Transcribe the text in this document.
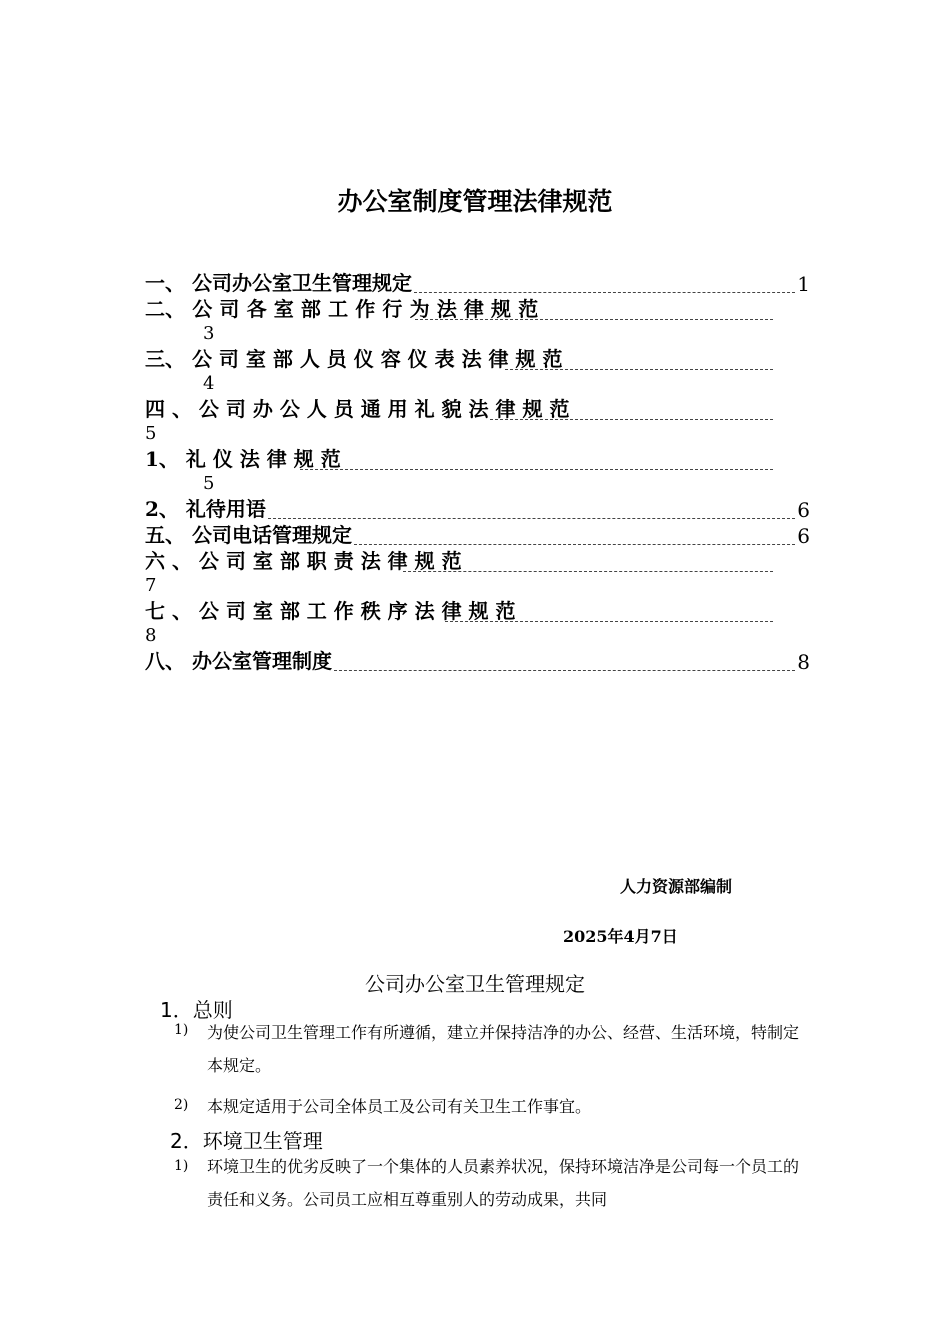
办公室制度管理法律规范
一、 公司办公室卫生管理规定	1
二、 公 司 各 室 部 工 作 行 为 法 律 规 范
3
三、 公 司 室 部 人 员 仪 容 仪 表 法 律 规 范
4
四 、 公 司 办 公 人 员 通 用 礼 貌 法 律 规 范
5
1、 礼 仪 法 律 规 范
5
2、 礼待用语	6
五、 公司电话管理规定	6
六 、 公 司 室 部 职 责 法 律 规 范
7
七 、 公 司 室 部 工 作 秩 序 法 律 规 范
8
八、 办公室管理制度	8
人力资源部编制
2025年4月7日
公司办公室卫生管理规定
1．总则
1) 为使公司卫生管理工作有所遵循，建立并保持洁净的办公、经营、生活环境，特制定本规定。
2) 本规定适用于公司全体员工及公司有关卫生工作事宜。
2．环境卫生管理
1) 环境卫生的优劣反映了一个集体的人员素养状况，保持环境洁净是公司每一个员工的责任和义务。公司员工应相互尊重别人的劳动成果，共同
